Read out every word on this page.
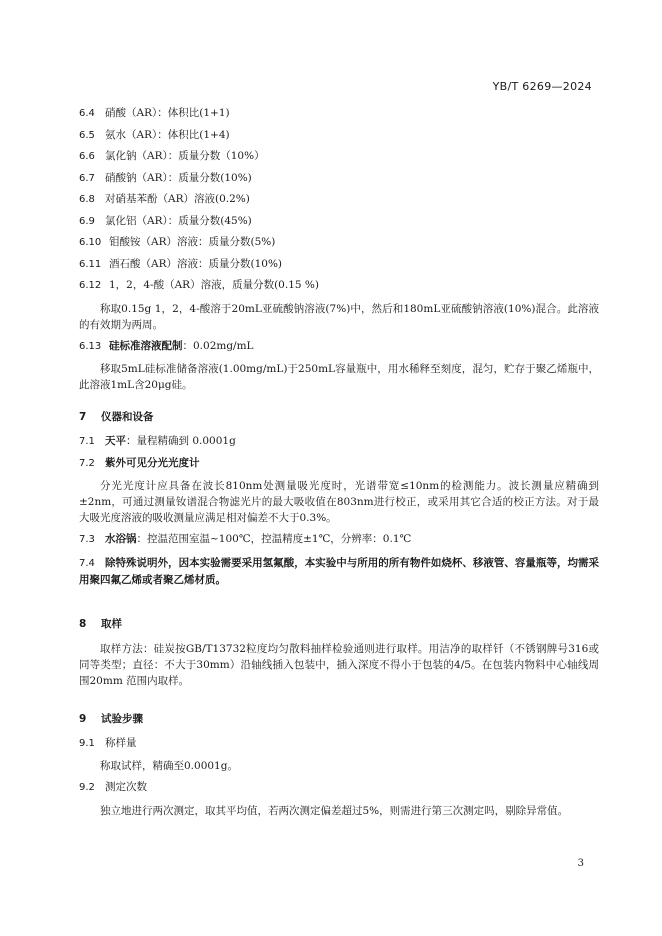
YB/T 6269—2024
6.4 硝酸（AR）：体积比(1+1)
6.5 氨水（AR）：体积比(1+4)
6.6 氯化钠（AR）：质量分数（10%）
6.7 硝酸钠（AR）：质量分数(10%)
6.8 对硝基苯酚（AR）溶液(0.2%)
6.9 氯化铝（AR）：质量分数(45%)
6.10 钼酸铵（AR）溶液：质量分数(5%)
6.11 酒石酸（AR）溶液：质量分数(10%)
6.12 1，2，4-酸（AR）溶液，质量分数(0.15 %)

称取0.15g 1，2，4-酸溶于20mL亚硫酸钠溶液(7%)中，然后和180mL亚硫酸钠溶液(10%)混合。此溶液的有效期为两周。

6.13 硅标准溶液配制：0.02mg/mL

移取5mL硅标准储备溶液(1.00mg/mL)于250mL容量瓶中，用水稀释至刻度，混匀，贮存于聚乙烯瓶中，此溶液1mL含20μg硅。

7 仪器和设备
7.1 天平：量程精确到 0.0001g
7.2 紫外可见分光光度计

分光光度计应具备在波长810nm处测量吸光度时，光谱带宽≤10nm的检测能力。波长测量应精确到±2nm，可通过测量钕谱混合物滤光片的最大吸收值在803nm进行校正，或采用其它合适的校正方法。对于最大吸光度溶液的吸收测量应满足相对偏差不大于0.3%。

7.3 水浴锅：控温范围室温~100℃，控温精度±1℃，分辨率：0.1℃

7.4 除特殊说明外，因本实验需要采用氢氟酸，本实验中与所用的所有物件如烧杯、移液管、容量瓶等，均需采用聚四氟乙烯或者聚乙烯材质。

8 取样

取样方法：硅炭按GB/T13732粒度均匀散料抽样检验通则进行取样。用洁净的取样钎（不锈钢牌号316或同等类型；直径：不大于30mm）沿轴线插入包装中，插入深度不得小于包装的4/5。在包装内物料中心轴线周围20mm 范围内取样。

9 试验步骤
9.1 称样量

称取试样，精确至0.0001g。

9.2 测定次数

独立地进行两次测定，取其平均值，若两次测定偏差超过5%，则需进行第三次测定吗，剔除异常值。

3
